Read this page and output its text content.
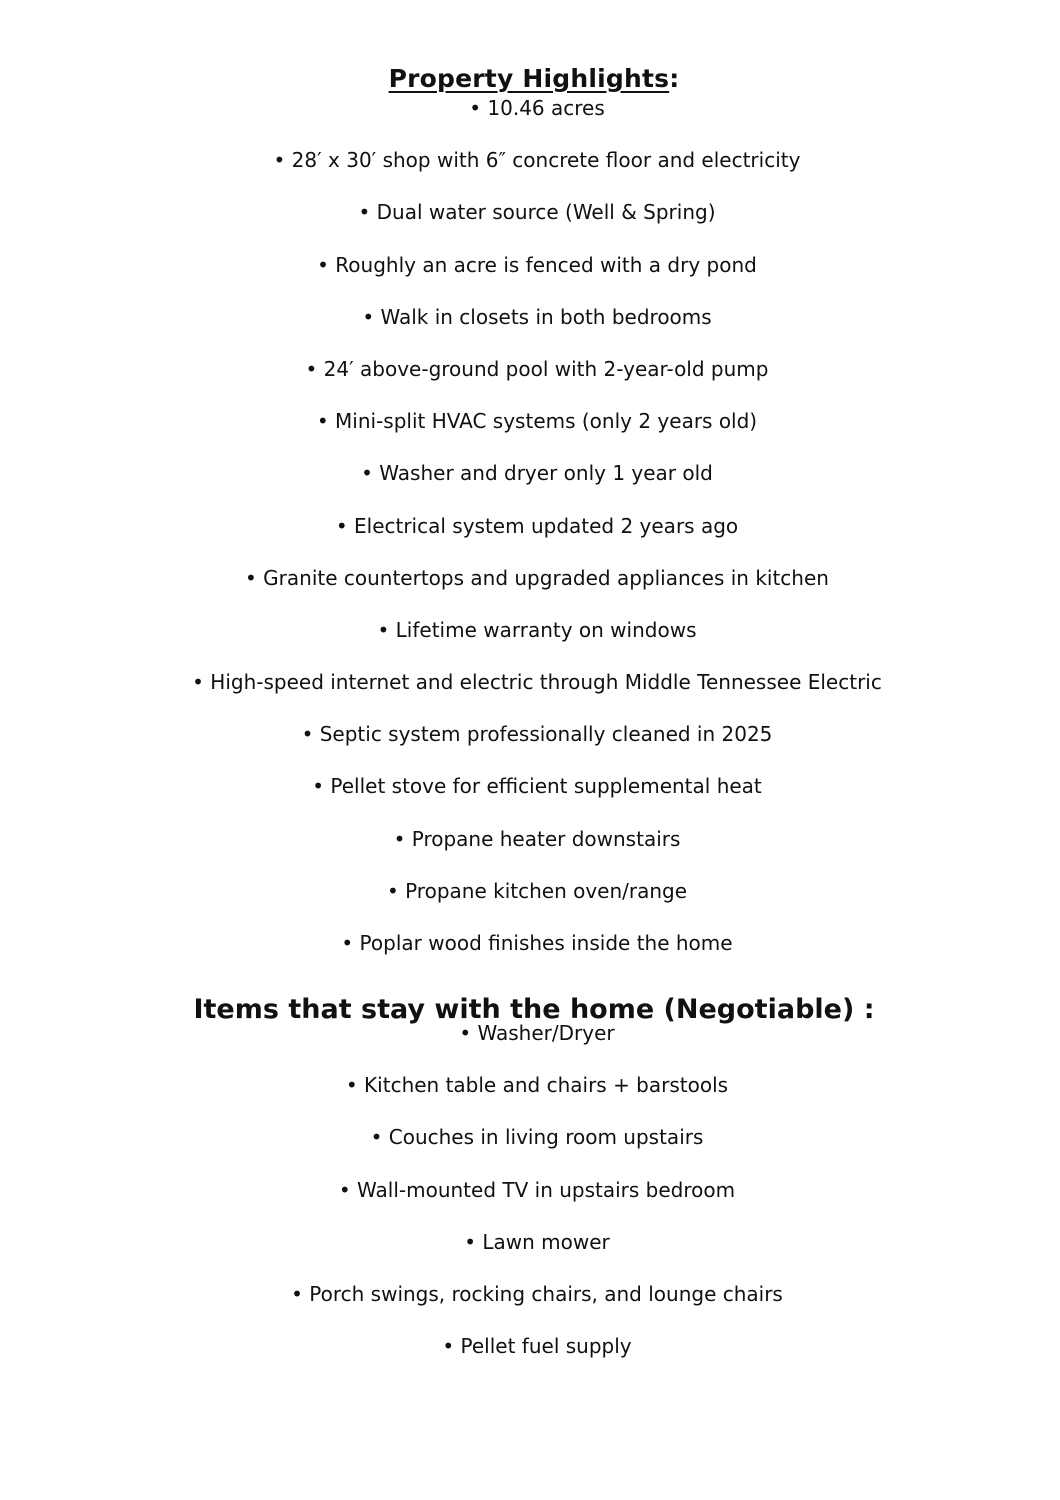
Property Highlights:
• 10.46 acres
• 28′ x 30′ shop with 6″ concrete floor and electricity
• Dual water source (Well & Spring)
• Roughly an acre is fenced with a dry pond
• Walk in closets in both bedrooms
• 24′ above-ground pool with 2-year-old pump
• Mini-split HVAC systems (only 2 years old)
• Washer and dryer only 1 year old
• Electrical system updated 2 years ago
• Granite countertops and upgraded appliances in kitchen
• Lifetime warranty on windows
• High-speed internet and electric through Middle Tennessee Electric
• Septic system professionally cleaned in 2025
• Pellet stove for efficient supplemental heat
• Propane heater downstairs
• Propane kitchen oven/range
• Poplar wood finishes inside the home
Items that stay with the home (Negotiable) :
• Washer/Dryer
• Kitchen table and chairs + barstools
• Couches in living room upstairs
• Wall-mounted TV in upstairs bedroom
• Lawn mower
• Porch swings, rocking chairs, and lounge chairs
• Pellet fuel supply
